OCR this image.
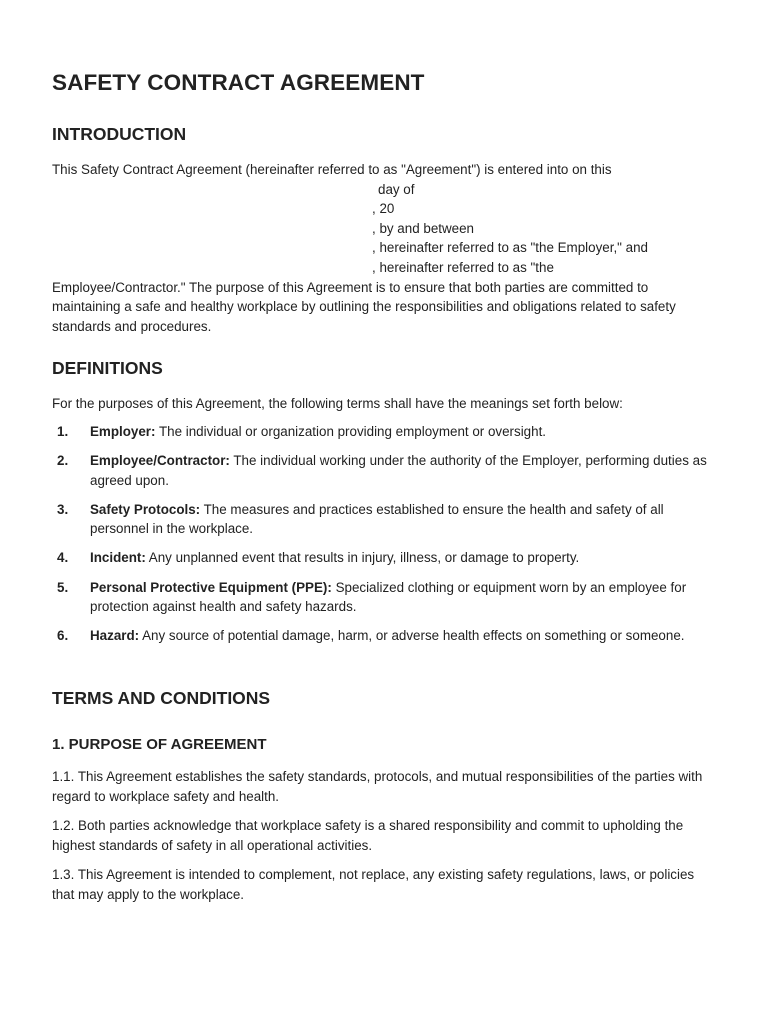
SAFETY CONTRACT AGREEMENT
INTRODUCTION

This Safety Contract Agreement (hereinafter referred to as "Agreement") is entered into on this

day of

, 20

, by and between

, hereinafter referred to as "the Employer," and

, hereinafter referred to as "the

Employee/Contractor." The purpose of this Agreement is to ensure that both parties are committed to maintaining a safe and healthy workplace by outlining the responsibilities and obligations related to safety standards and procedures.

DEFINITIONS

For the purposes of this Agreement, the following terms shall have the meanings set forth below:

1. Employer: The individual or organization providing employment or oversight.
2. Employee/Contractor: The individual working under the authority of the Employer, performing duties as agreed upon.
3. Safety Protocols: The measures and practices established to ensure the health and safety of all personnel in the workplace.
4. Incident: Any unplanned event that results in injury, illness, or damage to property.
5. Personal Protective Equipment (PPE): Specialized clothing or equipment worn by an employee for protection against health and safety hazards.
6. Hazard: Any source of potential damage, harm, or adverse health effects on something or someone.
TERMS AND CONDITIONS
1. PURPOSE OF AGREEMENT

1.1. This Agreement establishes the safety standards, protocols, and mutual responsibilities of the parties with regard to workplace safety and health.

1.2. Both parties acknowledge that workplace safety is a shared responsibility and commit to upholding the highest standards of safety in all operational activities.

1.3. This Agreement is intended to complement, not replace, any existing safety regulations, laws, or policies that may apply to the workplace.
